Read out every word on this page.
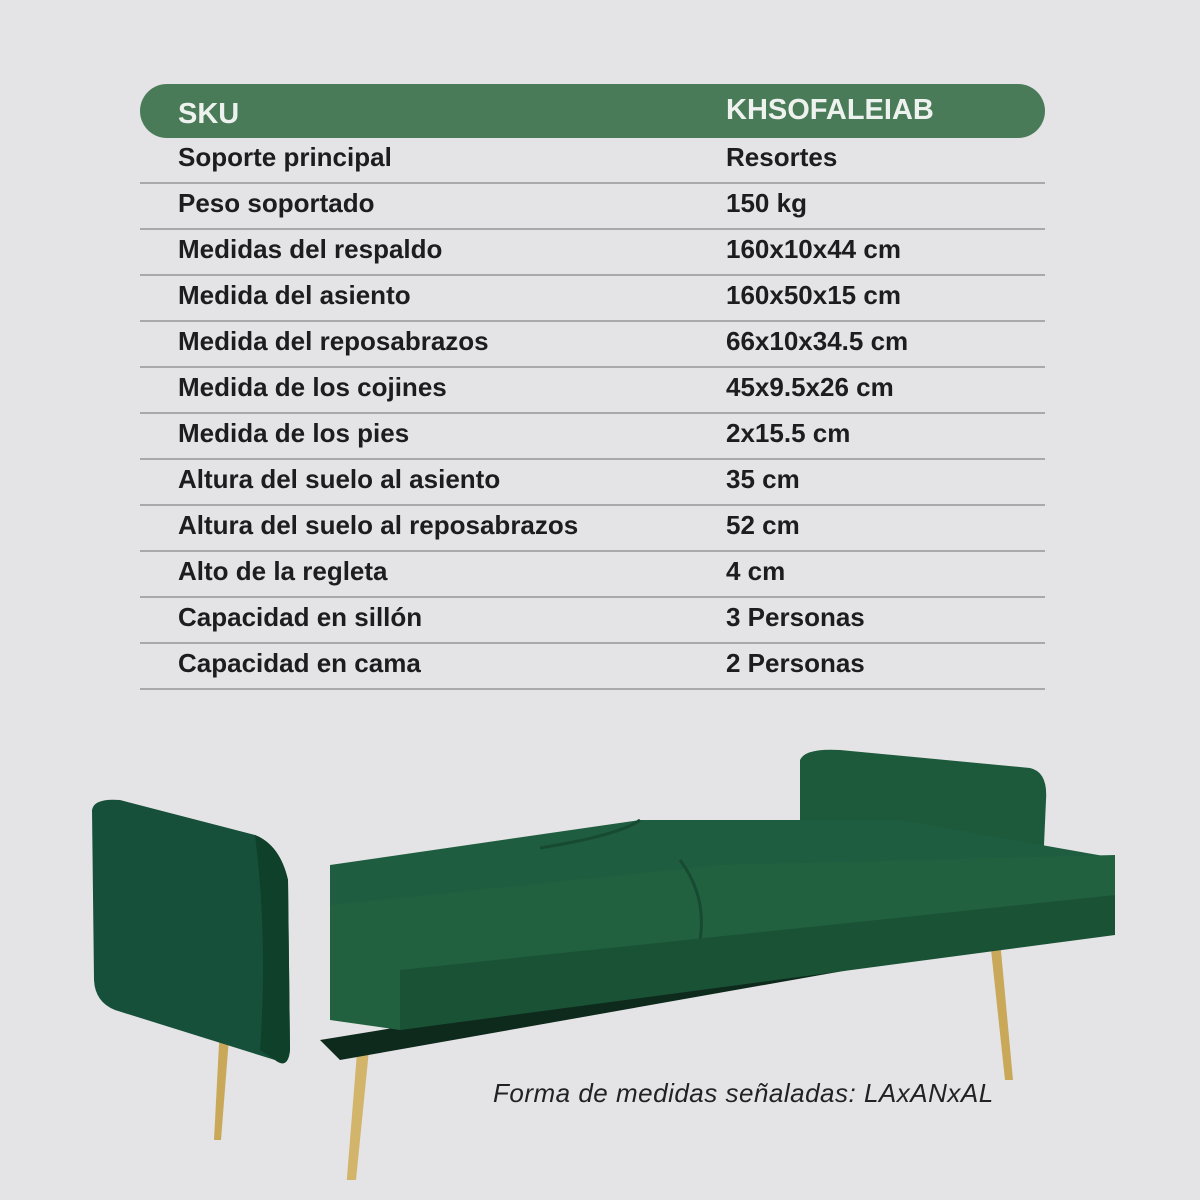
SKU	KHSOFALEIAB
Soporte principal	Resortes
Peso soportado	150 kg
Medidas del respaldo	160x10x44 cm
Medida del asiento	160x50x15 cm
Medida del reposabrazos	66x10x34.5 cm
Medida de los cojines	45x9.5x26 cm
Medida de los pies	2x15.5 cm
Altura del suelo al asiento	35 cm
Altura del suelo al reposabrazos	52 cm
Alto de la regleta	4 cm
Capacidad en sillón	3 Personas
Capacidad en cama	2 Personas
Forma de medidas señaladas: LAxANxAL
